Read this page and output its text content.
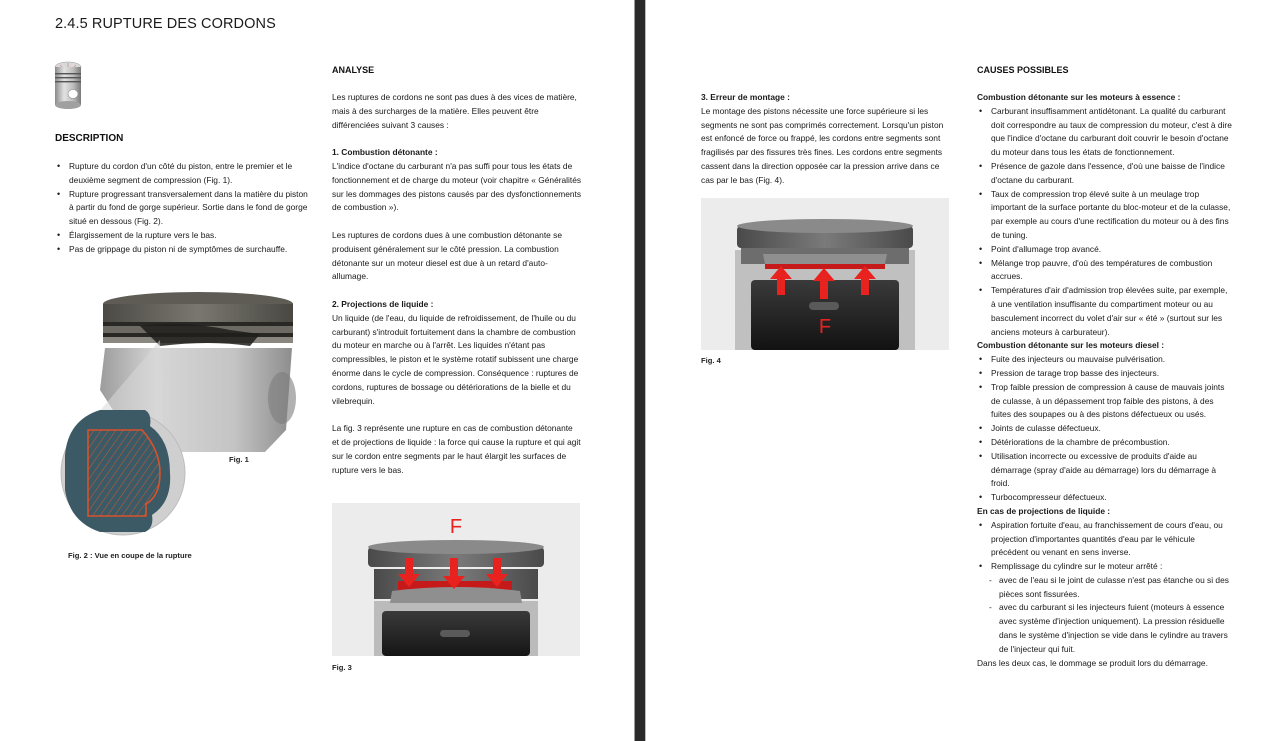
2.4.5 RUPTURE DES CORDONS
DESCRIPTION
• Rupture du cordon d'un côté du piston, entre le premier et le deuxième segment de compression (Fig. 1).
• Rupture progressant transversalement dans la matière du piston à partir du fond de gorge supérieur. Sortie dans le fond de gorge situé en dessous (Fig. 2).
• Élargissement de la rupture vers le bas.
• Pas de grippage du piston ni de symptômes de surchauffe.
Fig. 1
Fig. 2 : Vue en coupe de la rupture
ANALYSE

Les ruptures de cordons ne sont pas dues à des vices de matière, mais à des surcharges de la matière. Elles peuvent être différenciées suivant 3 causes :

1. Combustion détonante :

L'indice d'octane du carburant n'a pas suffi pour tous les états de fonctionnement et de charge du moteur (voir chapitre « Généralités sur les dommages des pistons causés par des dysfonctionnements de combustion »).

Les ruptures de cordons dues à une combustion détonante se produisent généralement sur le côté pression. La combustion détonante sur un moteur diesel est due à un retard d'auto-allumage.

2. Projections de liquide :

Un liquide (de l'eau, du liquide de refroidissement, de l'huile ou du carburant) s'introduit fortuitement dans la chambre de combustion du moteur en marche ou à l'arrêt. Les liquides n'étant pas compressibles, le piston et le système rotatif subissent une charge énorme dans le cycle de compression. Conséquence : ruptures de cordons, ruptures de bossage ou détériorations de la bielle et du vilebrequin.

La fig. 3 représente une rupture en cas de combustion détonante et de projections de liquide : la force qui cause la rupture et qui agit sur le cordon entre segments par le haut élargit les surfaces de rupture vers le bas.

F
Fig. 3
3. Erreur de montage :

Le montage des pistons nécessite une force supérieure si les segments ne sont pas comprimés correctement. Lorsqu'un piston est enfoncé de force ou frappé, les cordons entre segments sont fragilisés par des fissures très fines. Les cordons entre segments cassent dans la direction opposée car la pression arrive dans ce cas par le bas (Fig. 4).

F
Fig. 4
CAUSES POSSIBLES
Combustion détonante sur les moteurs à essence :
• Carburant insuffisamment antidétonant. La qualité du carburant doit correspondre au taux de compression du moteur, c'est à dire que l'indice d'octane du carburant doit couvrir le besoin d'octane du moteur dans tous les états de fonctionnement.
• Présence de gazole dans l'essence, d'où une baisse de l'indice d'octane du carburant.
• Taux de compression trop élevé suite à un meulage trop important de la surface portante du bloc-moteur et de la culasse, par exemple au cours d'une rectification du moteur ou à des fins de tuning.
• Point d'allumage trop avancé.
• Mélange trop pauvre, d'où des températures de combustion accrues.
• Températures d'air d'admission trop élevées suite, par exemple, à une ventilation insuffisante du compartiment moteur ou au basculement incorrect du volet d'air sur « été » (surtout sur les anciens moteurs à carburateur).
Combustion détonante sur les moteurs diesel :
• Fuite des injecteurs ou mauvaise pulvérisation.
• Pression de tarage trop basse des injecteurs.
• Trop faible pression de compression à cause de mauvais joints de culasse, à un dépassement trop faible des pistons, à des fuites des soupapes ou à des pistons défectueux ou usés.
• Joints de culasse défectueux.
• Détériorations de la chambre de précombustion.
• Utilisation incorrecte ou excessive de produits d'aide au démarrage (spray d'aide au démarrage) lors du démarrage à froid.
• Turbocompresseur défectueux.
En cas de projections de liquide :
• Aspiration fortuite d'eau, au franchissement de cours d'eau, ou projection d'importantes quantités d'eau par le véhicule précédent ou venant en sens inverse.
• Remplissage du cylindre sur le moteur arrêté :
- avec de l'eau si le joint de culasse n'est pas étanche ou si des pièces sont fissurées.
- avec du carburant si les injecteurs fuient (moteurs à essence avec système d'injection uniquement). La pression résiduelle dans le système d'injection se vide dans le cylindre au travers de l'injecteur qui fuit.
Dans les deux cas, le dommage se produit lors du démarrage.
